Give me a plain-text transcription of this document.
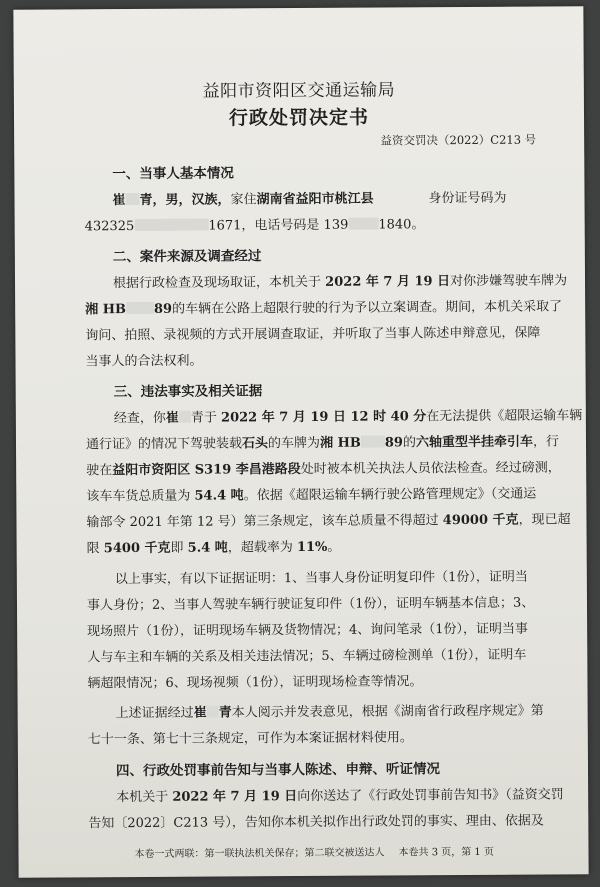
益阳市资阳区交通运输局
行政处罚决定书
益资交罚决（2022）C213 号
一、当事人基本情况
崔 青，男，汉族，家住湖南省益阳市桃江县	身份证号码为
432325	1671，电话号码是 139 1840。
二、案件来源及调查经过
根据行政检查及现场取证，本机关于 2022 年 7 月 19 日对你涉嫌驾驶车牌为
湘 HB 89的车辆在公路上超限行驶的行为予以立案调查。期间，本机关采取了
询问、拍照、录视频的方式开展调查取证，并听取了当事人陈述申辩意见，保障
当事人的合法权利。
三、违法事实及相关证据
经查，你崔 青于 2022 年 7 月 19 日 12 时 40 分在无法提供《超限运输车辆
通行证》的情况下驾驶装载石头的车牌为湘 HB 89的六轴重型半挂牵引车，行
驶在益阳市资阳区 S319 李昌港路段处时被本机关执法人员依法检查。经过磅测，
该车车货总质量为 54.4 吨。依据《超限运输车辆行驶公路管理规定》（交通运
输部令 2021 年第 12 号）第三条规定，该车总质量不得超过 49000 千克，现已超
限 5400 千克即 5.4 吨，超载率为 11%。
以上事实，有以下证据证明：1、当事人身份证明复印件（1份），证明当
事人身份；2、当事人驾驶车辆行驶证复印件（1份），证明车辆基本信息；3、
现场照片（1份），证明现场车辆及货物情况；4、询问笔录（1份），证明当事
人与车主和车辆的关系及相关违法情况；5、车辆过磅检测单（1份），证明车
辆超限情况；6、现场视频（1份），证明现场检查等情况。
上述证据经过崔 青本人阅示并发表意见，根据《湖南省行政程序规定》第
七十一条、第七十三条规定，可作为本案证据材料使用。
四、行政处罚事前告知与当事人陈述、申辩、听证情况
本机关于 2022 年 7 月 19 日向你送达了《行政处罚事前告知书》（益资交罚
告知〔2022〕C213 号），告知你本机关拟作出行政处罚的事实、理由、依据及
本卷一式两联：第一联执法机关保存；第二联交被送达人 本卷共 3 页，第 1 页
